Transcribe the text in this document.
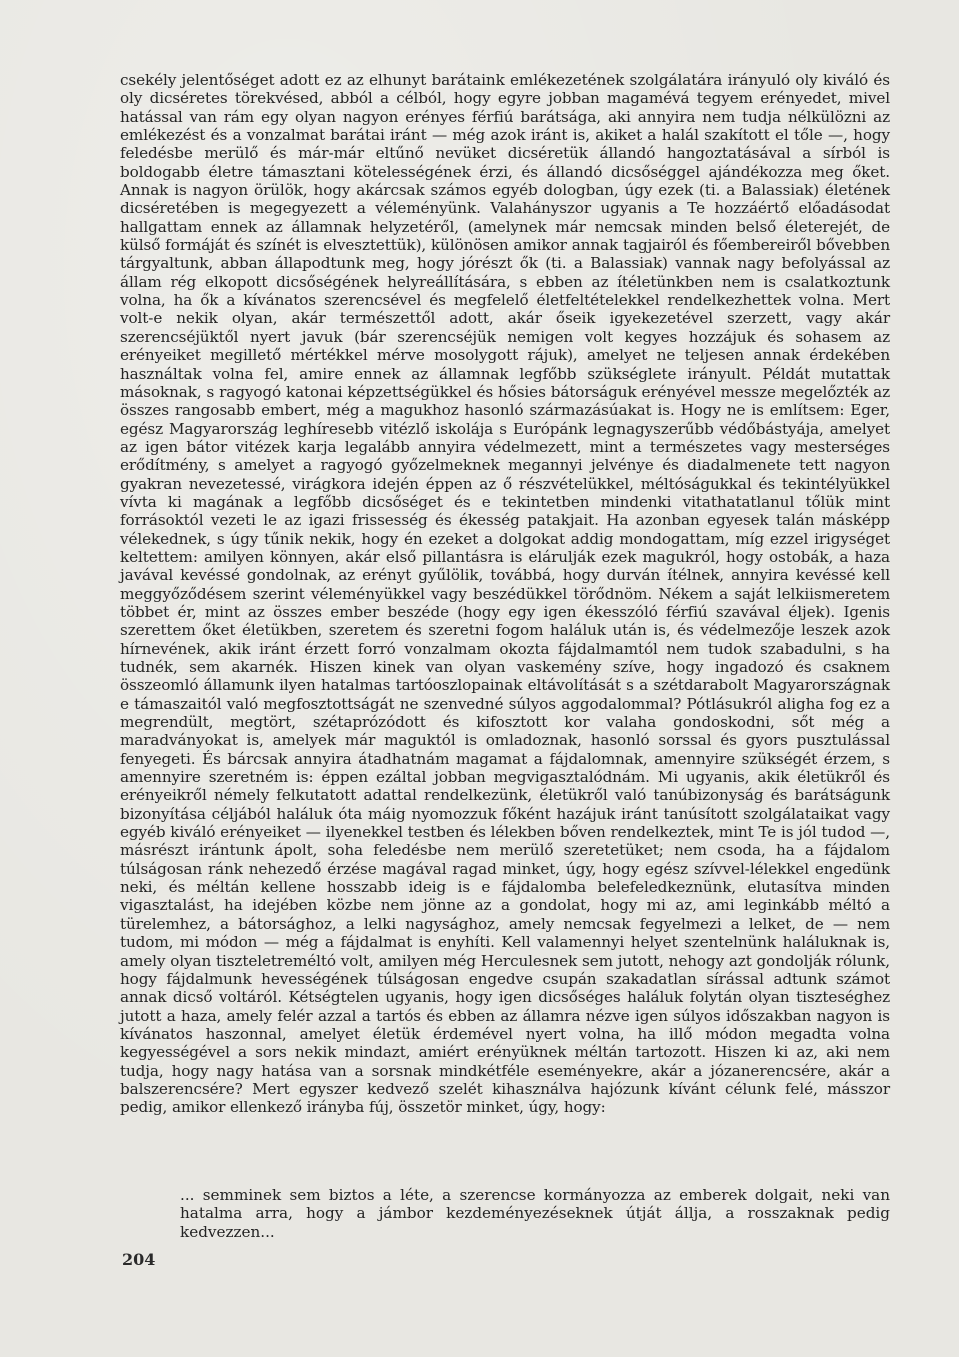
csekély jelentőséget adott ez az elhunyt barátaink emlékezetének szolgálatára irányuló oly kiváló és oly dicséretes törekvésed, abból a célból, hogy egyre jobban magamévá tegyem erényedet, mivel hatással van rám egy olyan nagyon erényes férfiú barátsága, aki annyira nem tudja nélkülözni az emlékezést és a vonzalmat barátai iránt — még azok iránt is, akiket a halál szakított el tőle —, hogy feledésbe merülő és már-már eltűnő nevüket dicséretük állandó hangoztatásával a sírból is boldogabb életre támasztani kötelességének érzi, és állandó dicsőséggel ajándékozza meg őket. Annak is nagyon örülök, hogy akárcsak számos egyéb dologban, úgy ezek (ti. a Balassiak) életének dicséretében is megegyezett a véleményünk. Valahányszor ugyanis a Te hozzáértő előadásodat hallgattam ennek az államnak helyzetéről, (amelynek már nemcsak minden belső életerejét, de külső formáját és színét is elvesztettük), különösen amikor annak tagjairól és főembereiről bővebben tárgyaltunk, abban állapodtunk meg, hogy jórészt ők (ti. a Balassiak) vannak nagy befolyással az állam rég elkopott dicsőségének helyreállítására, s ebben az ítéletünkben nem is csalatkoztunk volna, ha ők a kívánatos szerencsével és megfelelő életfeltételekkel rendelkezhettek volna. Mert volt-e nekik olyan, akár természettől adott, akár őseik igyekezetével szerzett, vagy akár szerencséjüktől nyert javuk (bár szerencséjük nemigen volt kegyes hozzájuk és sohasem az erényeiket megillető mértékkel mérve mosolygott rájuk), amelyet ne teljesen annak érdekében használtak volna fel, amire ennek az államnak legfőbb szükséglete irányult. Példát mutattak másoknak, s ragyogó katonai képzettségükkel és hősies bátorságuk erényével messze megelőzték az összes rangosabb embert, még a magukhoz hasonló származásúakat is. Hogy ne is említsem: Eger, egész Magyarország leghíresebb vitézlő iskolája s Európánk legnagyszerűbb védőbástyája, amelyet az igen bátor vitézek karja legalább annyira védelmezett, mint a természetes vagy mesterséges erődítmény, s amelyet a ragyogó győzelmeknek megannyi jelvénye és diadalmenete tett nagyon gyakran nevezetessé, virágkora idején éppen az ő részvételükkel, méltóságukkal és tekintélyükkel vívta ki magának a legfőbb dicsőséget és e tekintetben mindenki vitathatatlanul tőlük mint forrásoktól vezeti le az igazi frissesség és ékesség patakjait. Ha azonban egyesek talán másképp vélekednek, s úgy tűnik nekik, hogy én ezeket a dolgokat addig mondogattam, míg ezzel irigységet keltettem: amilyen könnyen, akár első pillantásra is elárulják ezek magukról, hogy ostobák, a haza javával kevéssé gondolnak, az erényt gyűlölik, továbbá, hogy durván ítélnek, annyira kevéssé kell meggyőződésem szerint véleményükkel vagy beszédükkel törődnöm. Nékem a saját lelkiismeretem többet ér, mint az összes ember beszéde (hogy egy igen ékesszóló férfiú szavával éljek). Igenis szerettem őket életükben, szeretem és szeretni fogom haláluk után is, és védelmezője leszek azok hírnevének, akik iránt érzett forró vonzalmam okozta fájdalmamtól nem tudok szabadulni, s ha tudnék, sem akarnék. Hiszen kinek van olyan vaskemény szíve, hogy ingadozó és csaknem összeomló államunk ilyen hatalmas tartóoszlopainak eltávolítását s a szétdarabolt Magyarországnak e támaszaitól való megfosztottságát ne szenvedné súlyos aggodalommal? Pótlásukról aligha fog ez a megrendült, megtört, szétaprózódott és kifosztott kor valaha gondoskodni, sőt még a maradványokat is, amelyek már maguktól is omladoznak, hasonló sorssal és gyors pusztulással fenyegeti. És bárcsak annyira átadhatnám magamat a fájdalomnak, amennyire szükségét érzem, s amennyire szeretném is: éppen ezáltal jobban megvigasztalódnám. Mi ugyanis, akik életükről és erényeikről némely felkutatott adattal rendelkezünk, életükről való tanúbizonyság és barátságunk bizonyítása céljából haláluk óta máig nyomozzuk főként hazájuk iránt tanúsított szolgálataikat vagy egyéb kiváló erényeiket — ilyenekkel testben és lélekben bőven rendelkeztek, mint Te is jól tudod —, másrészt irántunk ápolt, soha feledésbe nem merülő szeretetüket; nem csoda, ha a fájdalom túlságosan ránk nehezedő érzése magával ragad minket, úgy, hogy egész szívvel-lélekkel engedünk neki, és méltán kellene hosszabb ideig is e fájdalomba belefeledkeznünk, elutasítva minden vigasztalást, ha idejében közbe nem jönne az a gondolat, hogy mi az, ami leginkább méltó a türelemhez, a bátorsághoz, a lelki nagysághoz, amely nemcsak fegyelmezi a lelket, de — nem tudom, mi módon — még a fájdalmat is enyhíti. Kell valamennyi helyet szentelnünk haláluknak is, amely olyan tiszteletreméltó volt, amilyen még Herculesnek sem jutott, nehogy azt gondolják rólunk, hogy fájdalmunk hevességének túlságosan engedve csupán szakadatlan sírással adtunk számot annak dicső voltáról. Kétségtelen ugyanis, hogy igen dicsőséges haláluk folytán olyan tiszteséghez jutott a haza, amely felér azzal a tartós és ebben az államra nézve igen súlyos időszakban nagyon is kívánatos haszonnal, amelyet életük érdemével nyert volna, ha illő módon megadta volna kegyességével a sors nekik mindazt, amiért erényüknek méltán tartozott. Hiszen ki az, aki nem tudja, hogy nagy hatása van a sorsnak mindkétféle eseményekre, akár a józanerencsére, akár a balszerencsére? Mert egyszer kedvező szelét kihasználva hajózunk kívánt célunk felé, másszor pedig, amikor ellenkező irányba fúj, összetör minket, úgy, hogy:

... semminek sem biztos a léte, a szerencse kormányozza az emberek dolgait, neki van hatalma arra, hogy a jámbor kezdeményezéseknek útját állja, a rosszaknak pedig kedvezzen...

204
